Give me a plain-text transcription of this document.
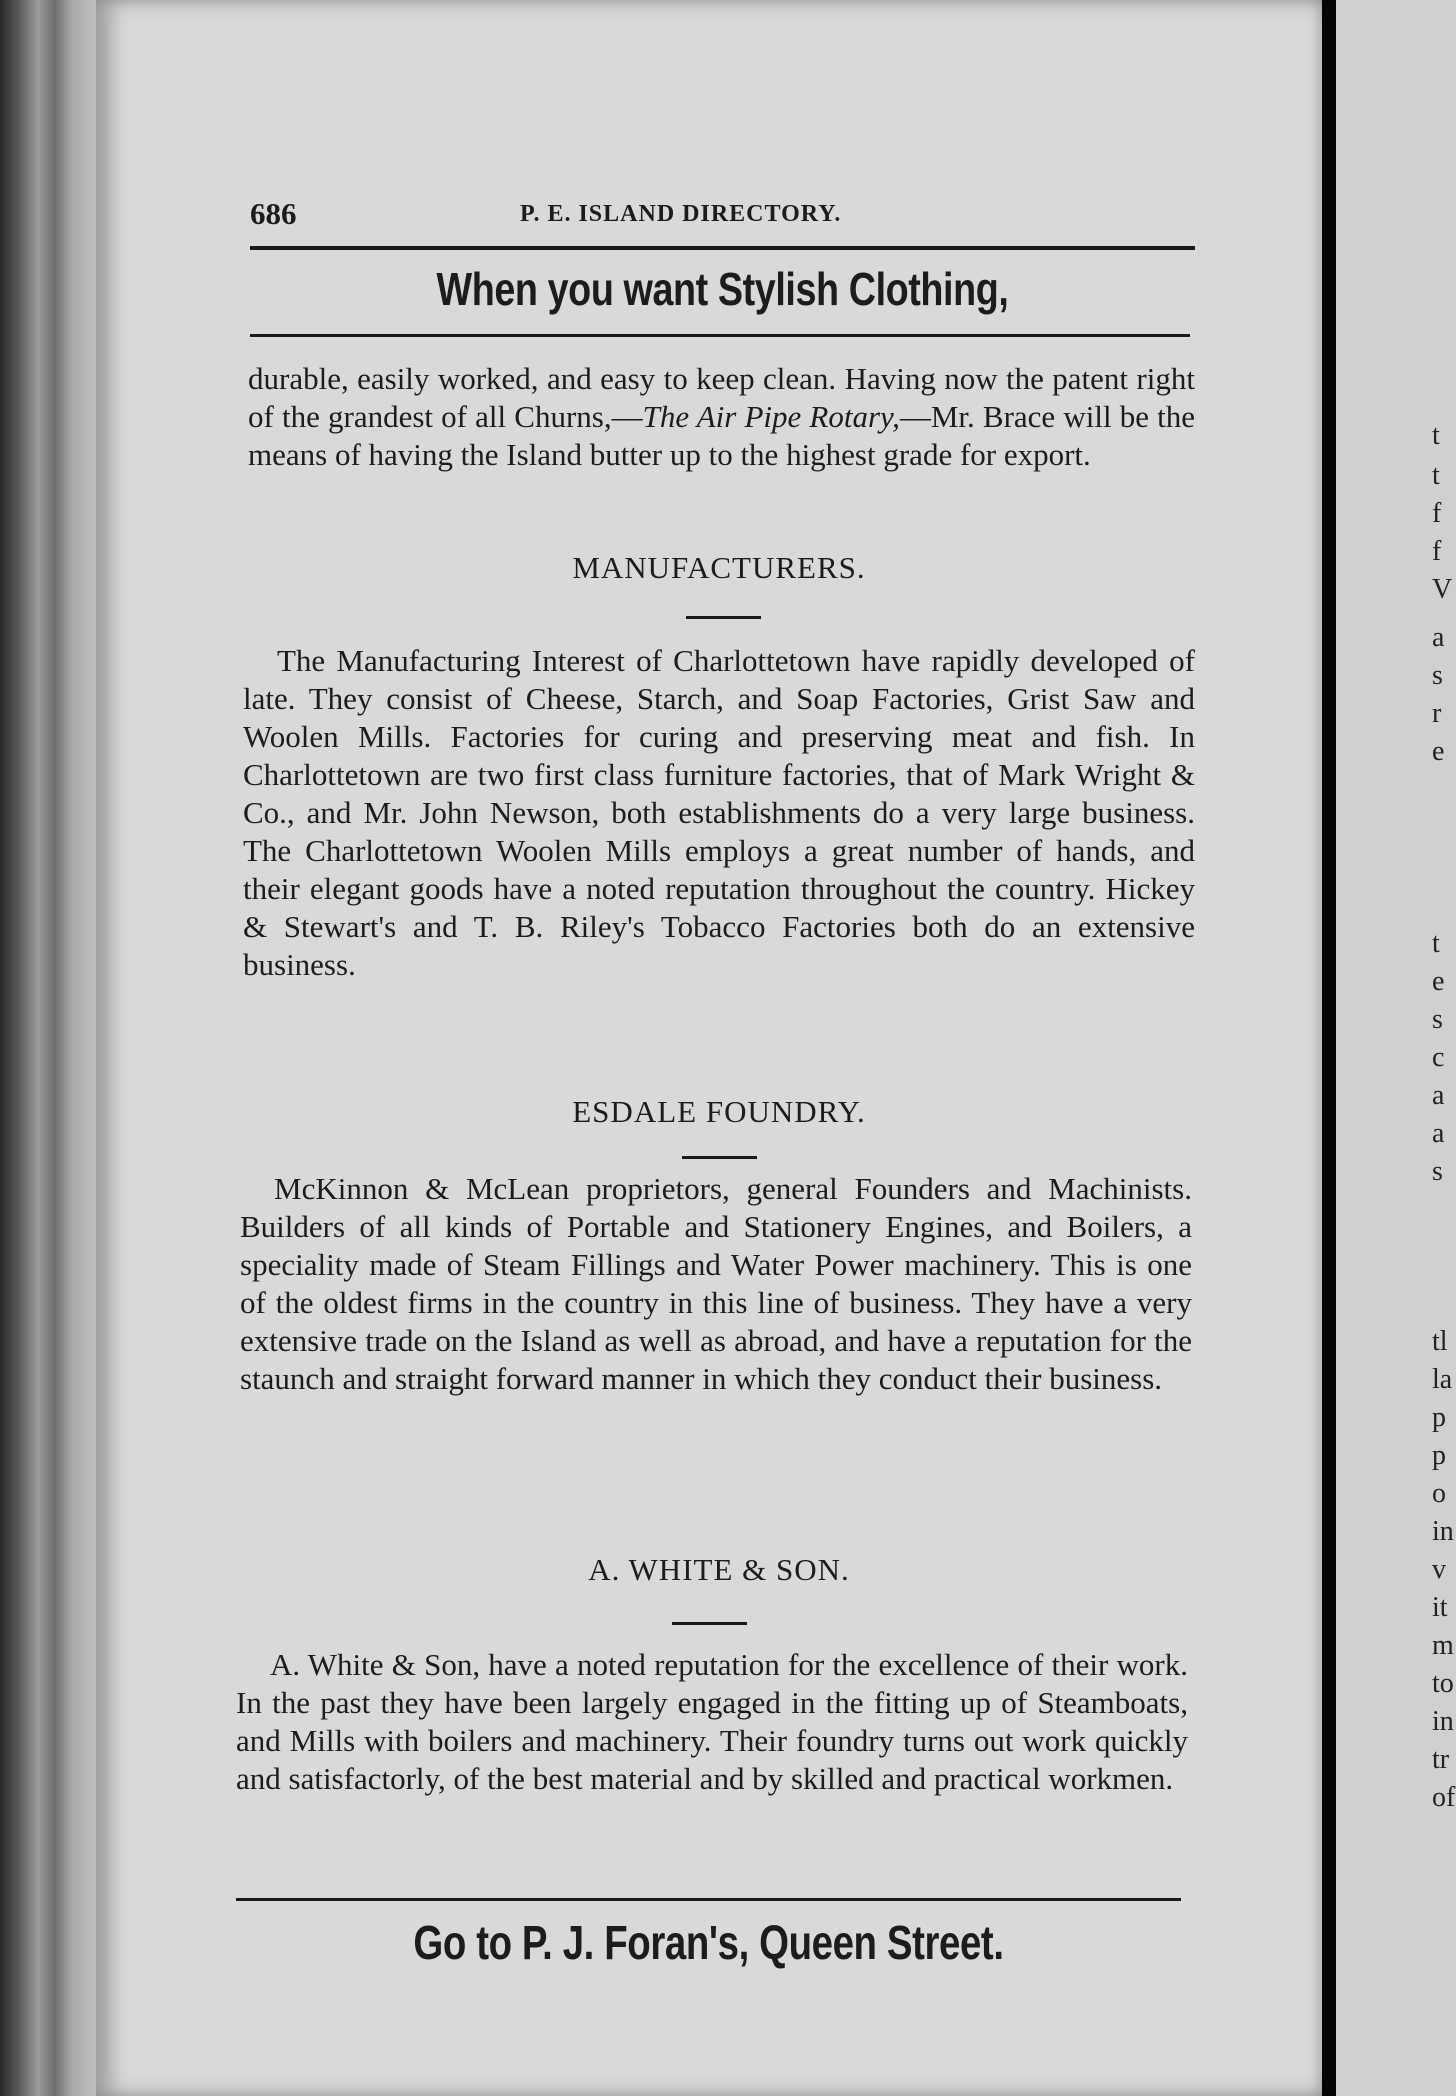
t
t
f
f
V
a
s
r
e
t
e
s
c
a
a
s
tl
la
p
p
o
in
v
it
m
to
in
tr
of
686	P. E. ISLAND DIRECTORY.
When you want Stylish Clothing,

durable, easily worked, and easy to keep clean. Having now the patent right of the grandest of all Churns,—The Air Pipe Rotary,—Mr. Brace will be the means of having the Island butter up to the highest grade for export.

MANUFACTURERS.

The Manufacturing Interest of Charlottetown have rapidly developed of late. They consist of Cheese, Starch, and Soap Factories, Grist Saw and Woolen Mills. Factories for curing and preserving meat and fish. In Charlottetown are two first class furniture factories, that of Mark Wright & Co., and Mr. John Newson, both establishments do a very large business. The Charlottetown Woolen Mills employs a great number of hands, and their elegant goods have a noted reputation throughout the country. Hickey & Stewart's and T. B. Riley's Tobacco Factories both do an extensive business.

ESDALE FOUNDRY.

McKinnon & McLean proprietors, general Founders and Machinists. Builders of all kinds of Portable and Stationery Engines, and Boilers, a speciality made of Steam Fillings and Water Power machinery. This is one of the oldest firms in the country in this line of business. They have a very extensive trade on the Island as well as abroad, and have a reputation for the staunch and straight forward manner in which they conduct their business.

A. WHITE & SON.

A. White & Son, have a noted reputation for the excellence of their work. In the past they have been largely engaged in the fitting up of Steamboats, and Mills with boilers and machinery. Their foundry turns out work quickly and satisfactorly, of the best material and by skilled and practical workmen.

Go to P. J. Foran's, Queen Street.
